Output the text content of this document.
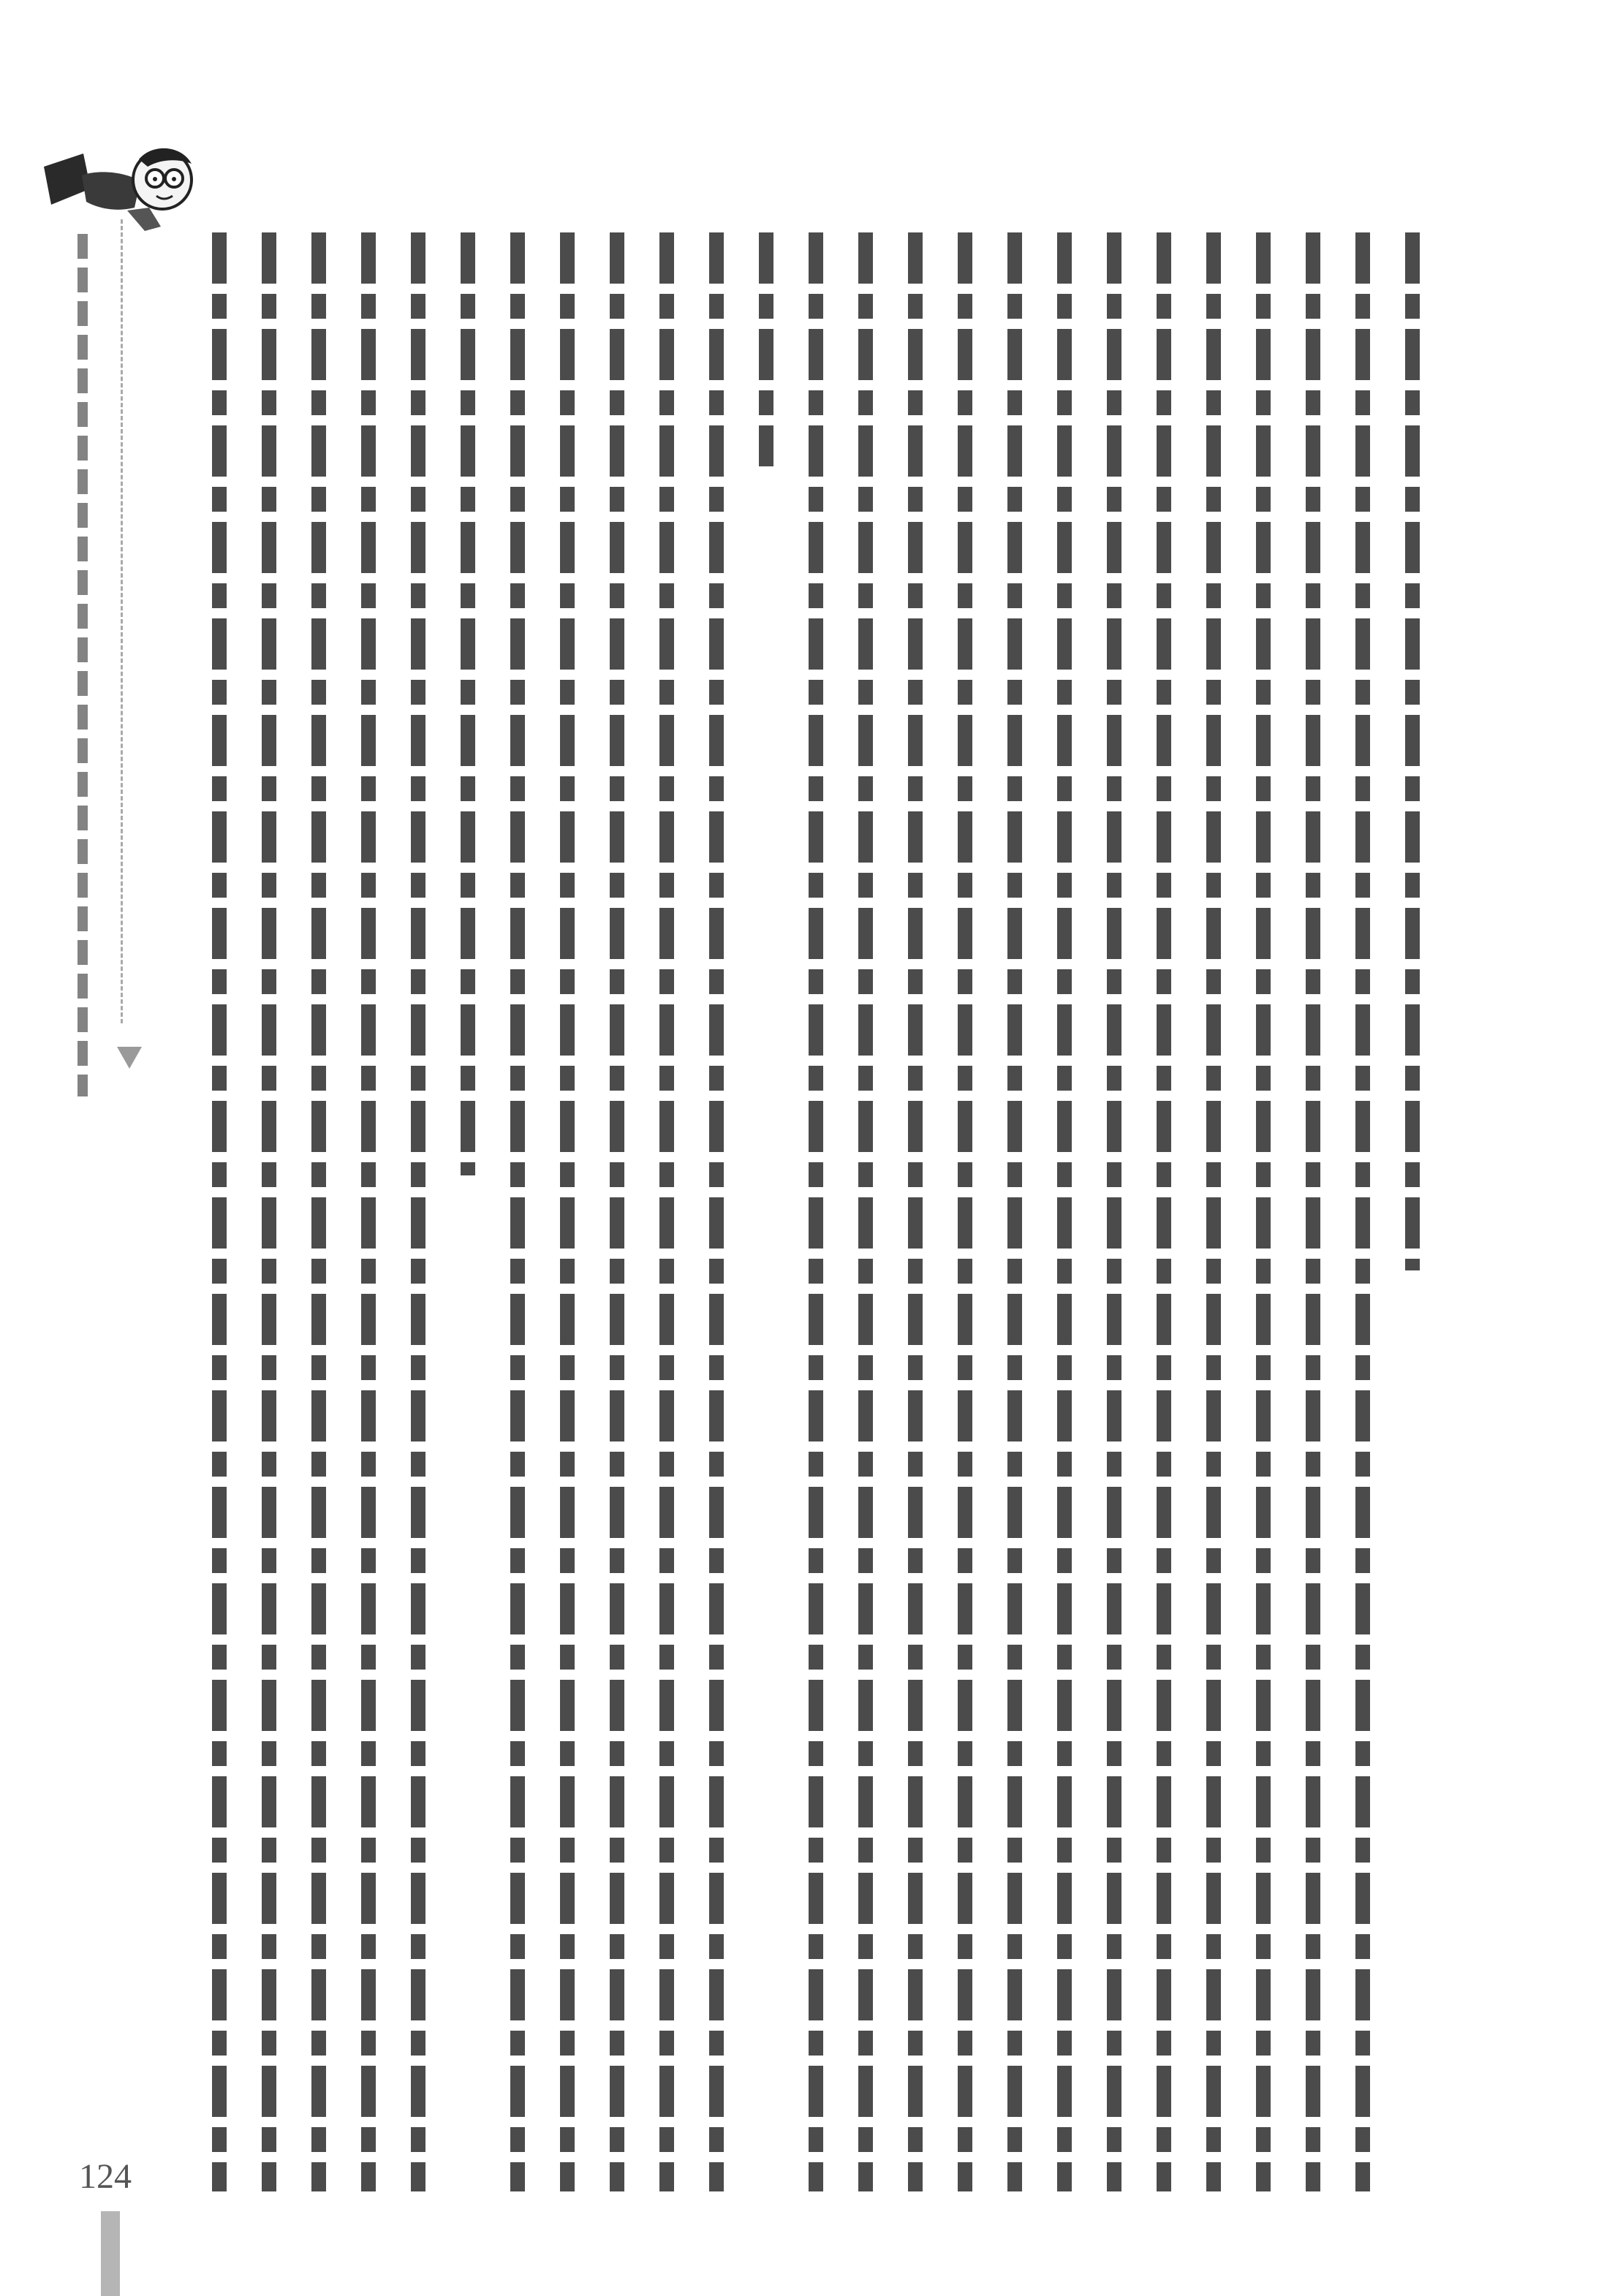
124
